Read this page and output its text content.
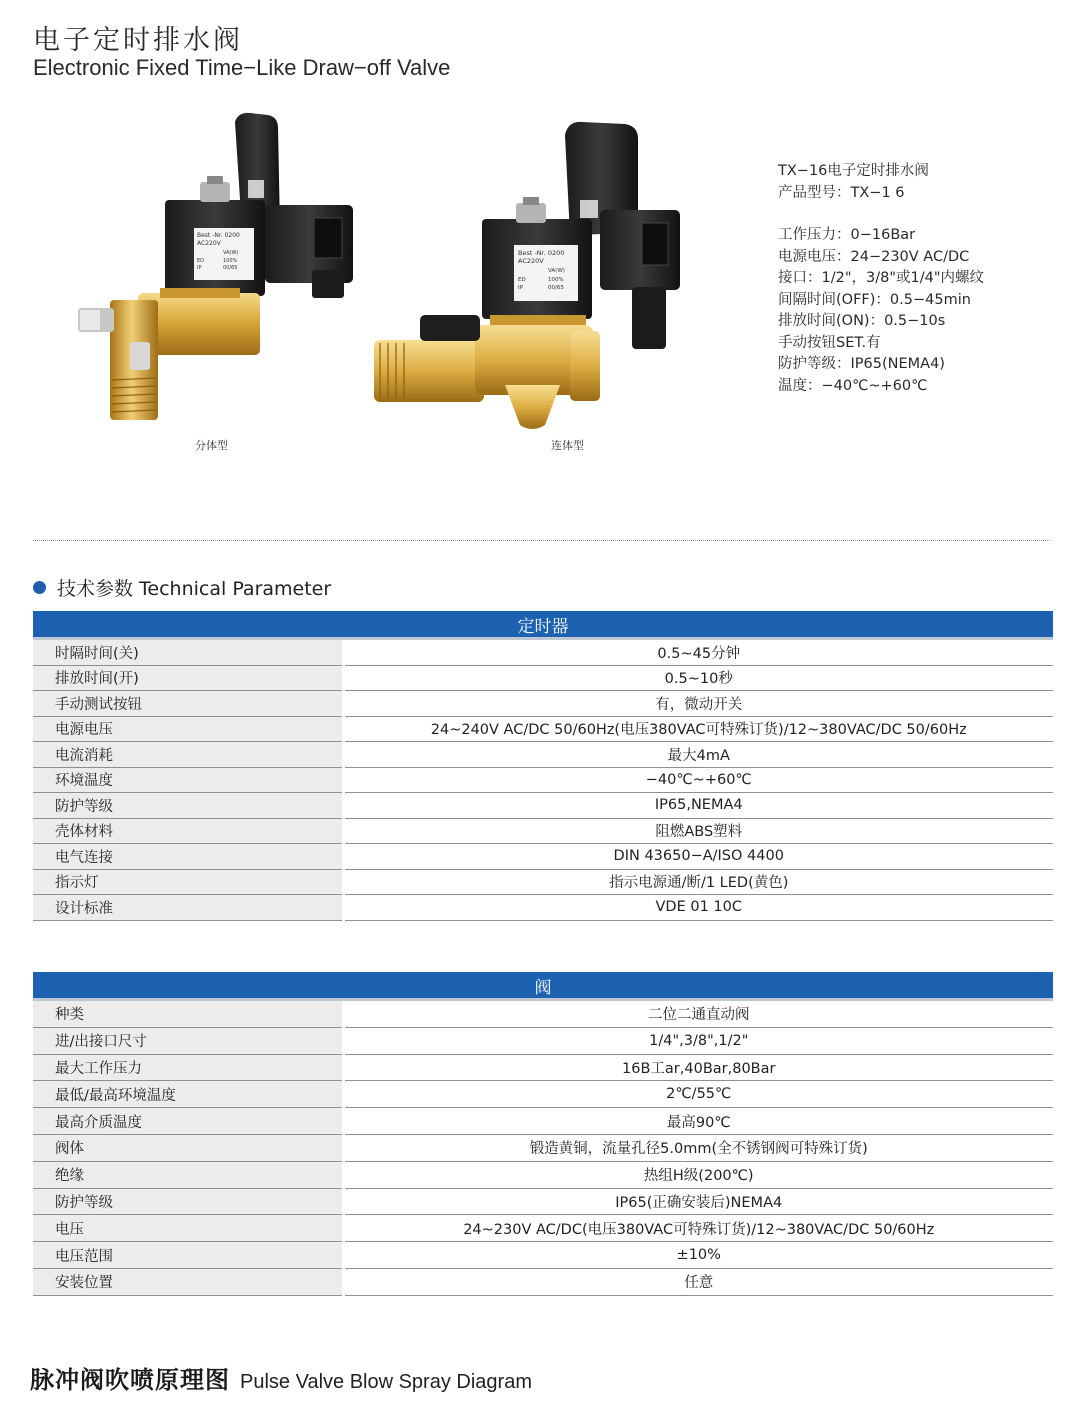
电子定时排水阀
Electronic Fixed Time−Like Draw−off Valve
Best -Nr. 0200
AC220V
VA(W)
ED	100%
IP	00/65
分体型
Best -Nr. 0200
AC220V
VA(W)
ED	100%
IP	00/65
连体型
TX−16电子定时排水阀
产品型号：TX−1 6
工作压力：0−16Bar
电源电压：24−230V AC/DC
接口：1/2"，3/8"或1/4"内螺纹
间隔时间(OFF)：0.5−45min
排放时间(ON)：0.5−10s
手动按钮SET.有
防护等级：IP65(NEMA4)
温度：−40℃~+60℃
技术参数 Technical Parameter
定时器	
时隔时间(关)	0.5~45分钟
排放时间(开)	0.5~10秒
手动测试按钮	有，微动开关
电源电压	24~240V AC/DC 50/60Hz(电压380VAC可特殊订货)/12~380VAC/DC 50/60Hz
电流消耗	最大4mA
环境温度	−40℃~+60℃
防护等级	IP65,NEMA4
壳体材料	阻燃ABS塑料
电气连接	DIN 43650−A/ISO 4400
指示灯	指示电源通/断/1 LED(黄色)
设计标准	VDE 01 10C
阀	
种类	二位二通直动阀
进/出接口尺寸	1/4",3/8",1/2"
最大工作压力	16B工ar,40Bar,80Bar
最低/最高环境温度	2℃/55℃
最高介质温度	最高90℃
阀体	锻造黄铜，流量孔径5.0mm(全不锈钢阀可特殊订货)
绝缘	热组H级(200℃)
防护等级	IP65(正确安装后)NEMA4
电压	24~230V AC/DC(电压380VAC可特殊订货)/12~380VAC/DC 50/60Hz
电压范围	±10%
安装位置	任意
脉冲阀吹喷原理图 Pulse Valve Blow Spray Diagram
